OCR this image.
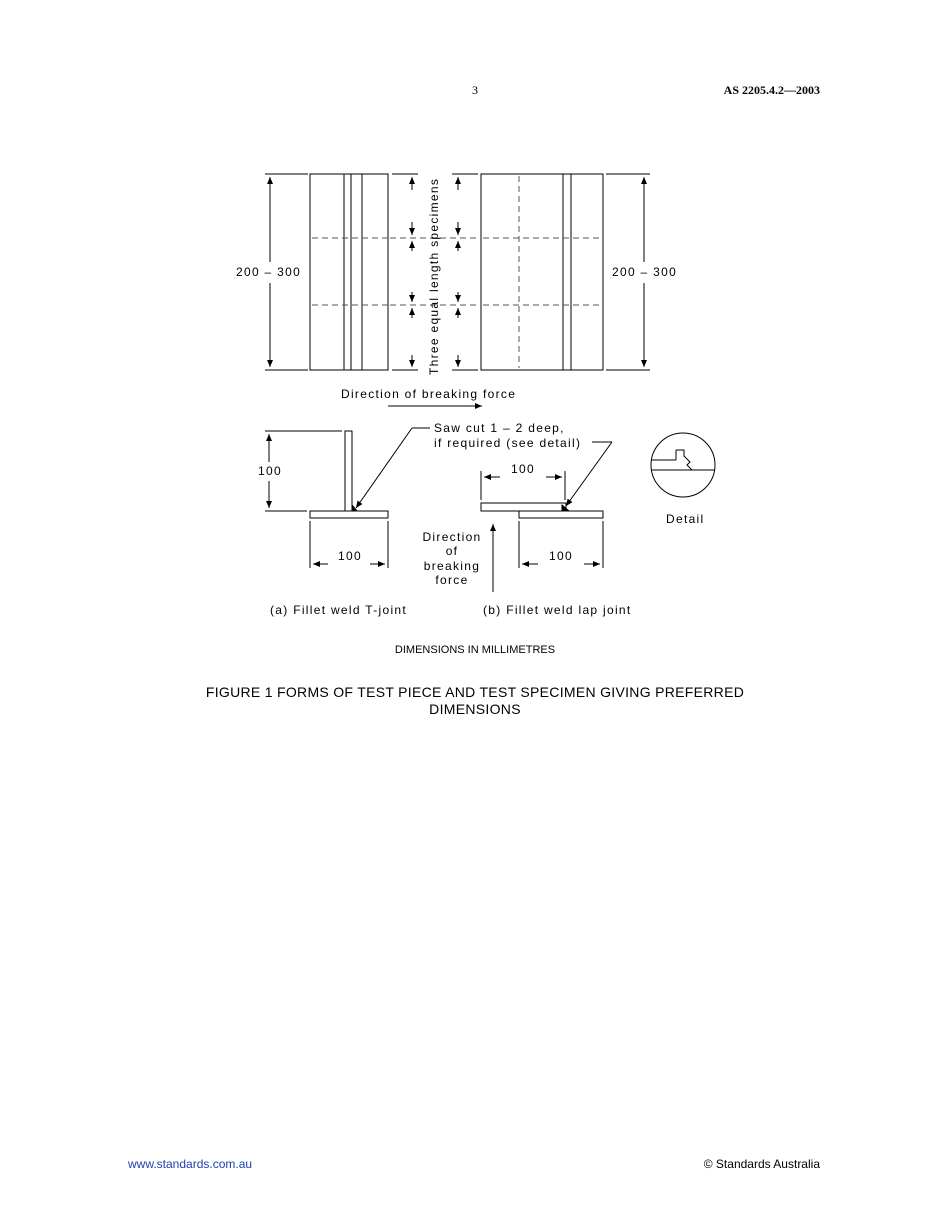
3	AS 2205.4.2—2003
200 – 300	200 – 300
Three equal length specimens
Direction of breaking force
Saw cut 1 – 2 deep,
if required (see detail)
100
100
100
100
Direction
of
breaking
force
Detail
(a) Fillet weld T-joint	(b) Fillet weld lap joint
DIMENSIONS IN MILLIMETRES
FIGURE 1 FORMS OF TEST PIECE AND TEST SPECIMEN GIVING PREFERRED
DIMENSIONS
www.standards.com.au	© Standards Australia
